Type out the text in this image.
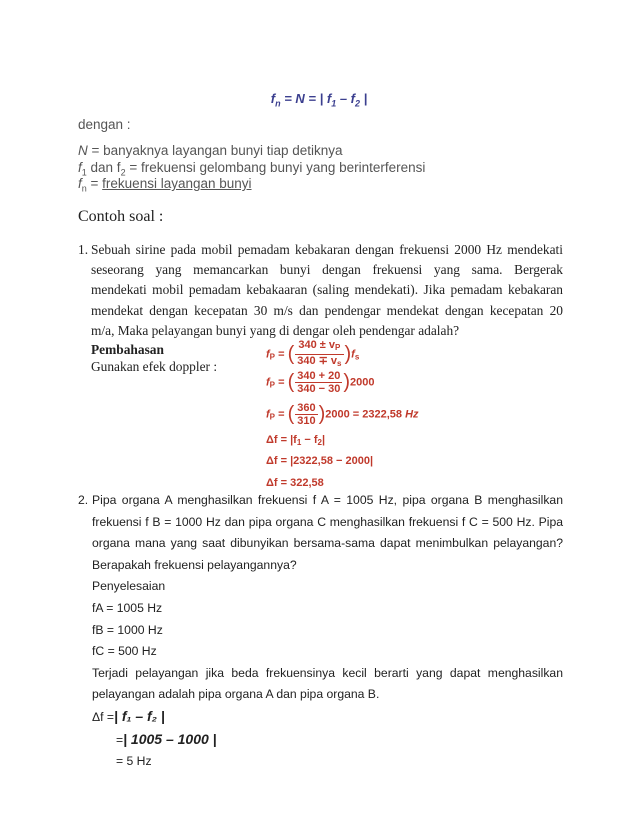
$f_n = N$ = | $f_1 - f_2$ |
dengan :
N = banyaknya layangan bunyi tiap detiknya
$f_1$ dan $f_2$ = frekuensi gelombang bunyi yang berinterferensi
$f_n$ = frekuensi layangan bunyi
Contoh soal :
1. Sebuah sirine pada mobil pemadam kebakaran dengan frekuensi 2000 Hz mendekati
seseorang yang memancarkan bunyi dengan frekuensi yang sama. Bergerak
mendekati mobil pemadam kebakaaran (saling mendekati). Jika pemadam kebakaran
mendekat dengan kecepatan 30 m/s dan pendengar mendekat dengan kecepatan 20
m/a, Maka pelayangan bunyi yang di dengar oleh pendengar adalah?
Pembahasan
Gunakan efek doppler :
$f_P$ = ( $\frac{340 \pm v_P}{340 \mp v_s} )f_s$
$f_P$ = ( $\frac{340 + 20}{340 - 30} )2000$
$f_P$ = ( $\frac{360}{310} )2000 = 2322,58$ Hz
$\Delta f = |f_1 - f_2|$
Δf = |2322,58 − 2000|
Δf = 322,58
2. Pipa organa A menghasilkan frekuensi f A = 1005 Hz, pipa organa B menghasilkan
frekuensi f B = 1000 Hz dan pipa organa C menghasilkan frekuensi f C = 500 Hz. Pipa
organa mana yang saat dibunyikan bersama-sama dapat menimbulkan pelayangan?
Berapakah frekuensi pelayangannya?
Penyelesaian
fA = 1005 Hz
fB = 1000 Hz
fC = 500 Hz
Terjadi pelayangan jika beda frekuensinya kecil berarti yang dapat menghasilkan
pelayangan adalah pipa organa A dan pipa organa B.
Δf =| f₁ – f₂ |
=| 1005 – 1000 |
= 5 Hz
